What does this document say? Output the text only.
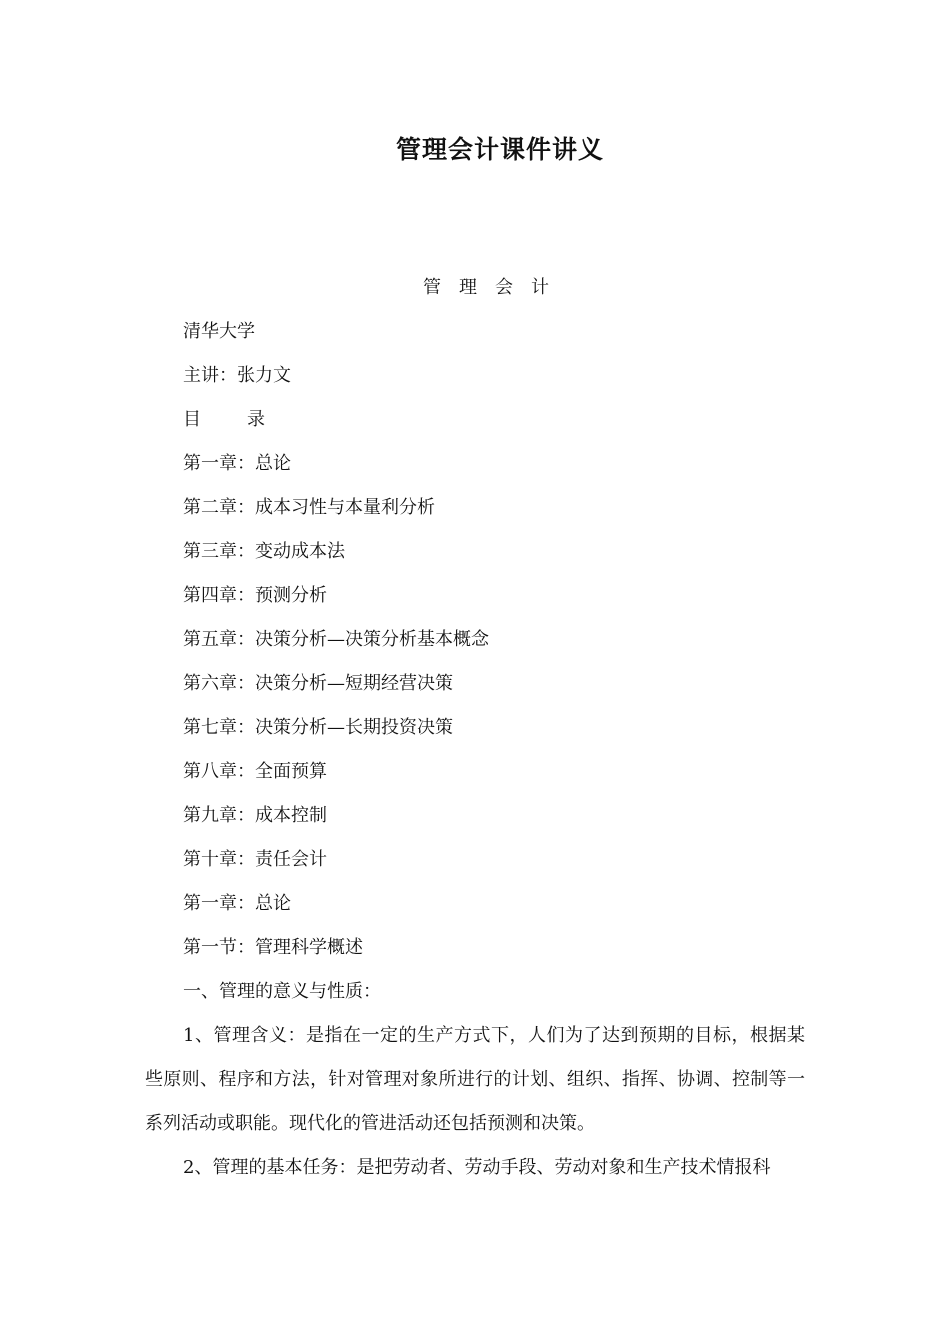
管理会计课件讲义
管理会计
清华大学
主讲：张力文
目	录
第一章：总论
第二章：成本习性与本量利分析
第三章：变动成本法
第四章：预测分析
第五章：决策分析—决策分析基本概念
第六章：决策分析—短期经营决策
第七章：决策分析—长期投资决策
第八章：全面预算
第九章：成本控制
第十章：责任会计
第一章：总论
第一节：管理科学概述
一、管理的意义与性质：
1、管理含义：是指在一定的生产方式下，人们为了达到预期的目标，根据某些原则、程序和方法，针对管理对象所进行的计划、组织、指挥、协调、控制等一系列活动或职能。现代化的管进活动还包括预测和决策。
2、管理的基本任务：是把劳动者、劳动手段、劳动对象和生产技术情报科
